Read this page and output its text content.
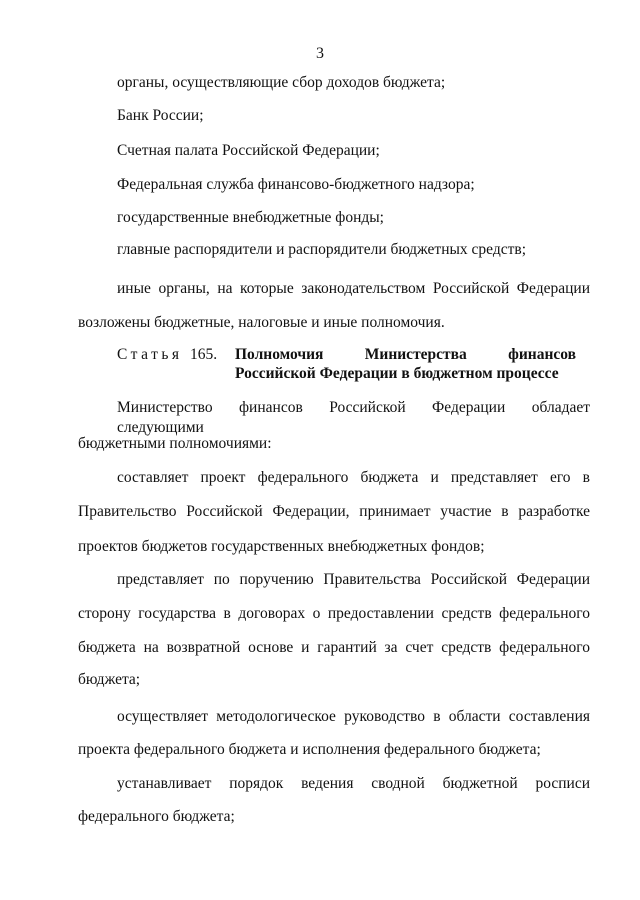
3
органы, осуществляющие сбор доходов бюджета;
Банк России;
Счетная палата Российской Федерации;
Федеральная служба финансово-бюджетного надзора;
государственные внебюджетные фонды;
главные распорядители и распорядители бюджетных средств;
иные органы, на которые законодательством Российской Федерации
возложены бюджетные, налоговые и иные полномочия.
Статья 165. Полномочия Министерства финансов
Российской Федерации в бюджетном процессе
Министерство финансов Российской Федерации обладает следующими
бюджетными полномочиями:
составляет проект федерального бюджета и представляет его в
Правительство Российской Федерации, принимает участие в разработке
проектов бюджетов государственных внебюджетных фондов;
представляет по поручению Правительства Российской Федерации
сторону государства в договорах о предоставлении средств федерального
бюджета на возвратной основе и гарантий за счет средств федерального
бюджета;
осуществляет методологическое руководство в области составления
проекта федерального бюджета и исполнения федерального бюджета;
устанавливает порядок ведения сводной бюджетной росписи
федерального бюджета;
